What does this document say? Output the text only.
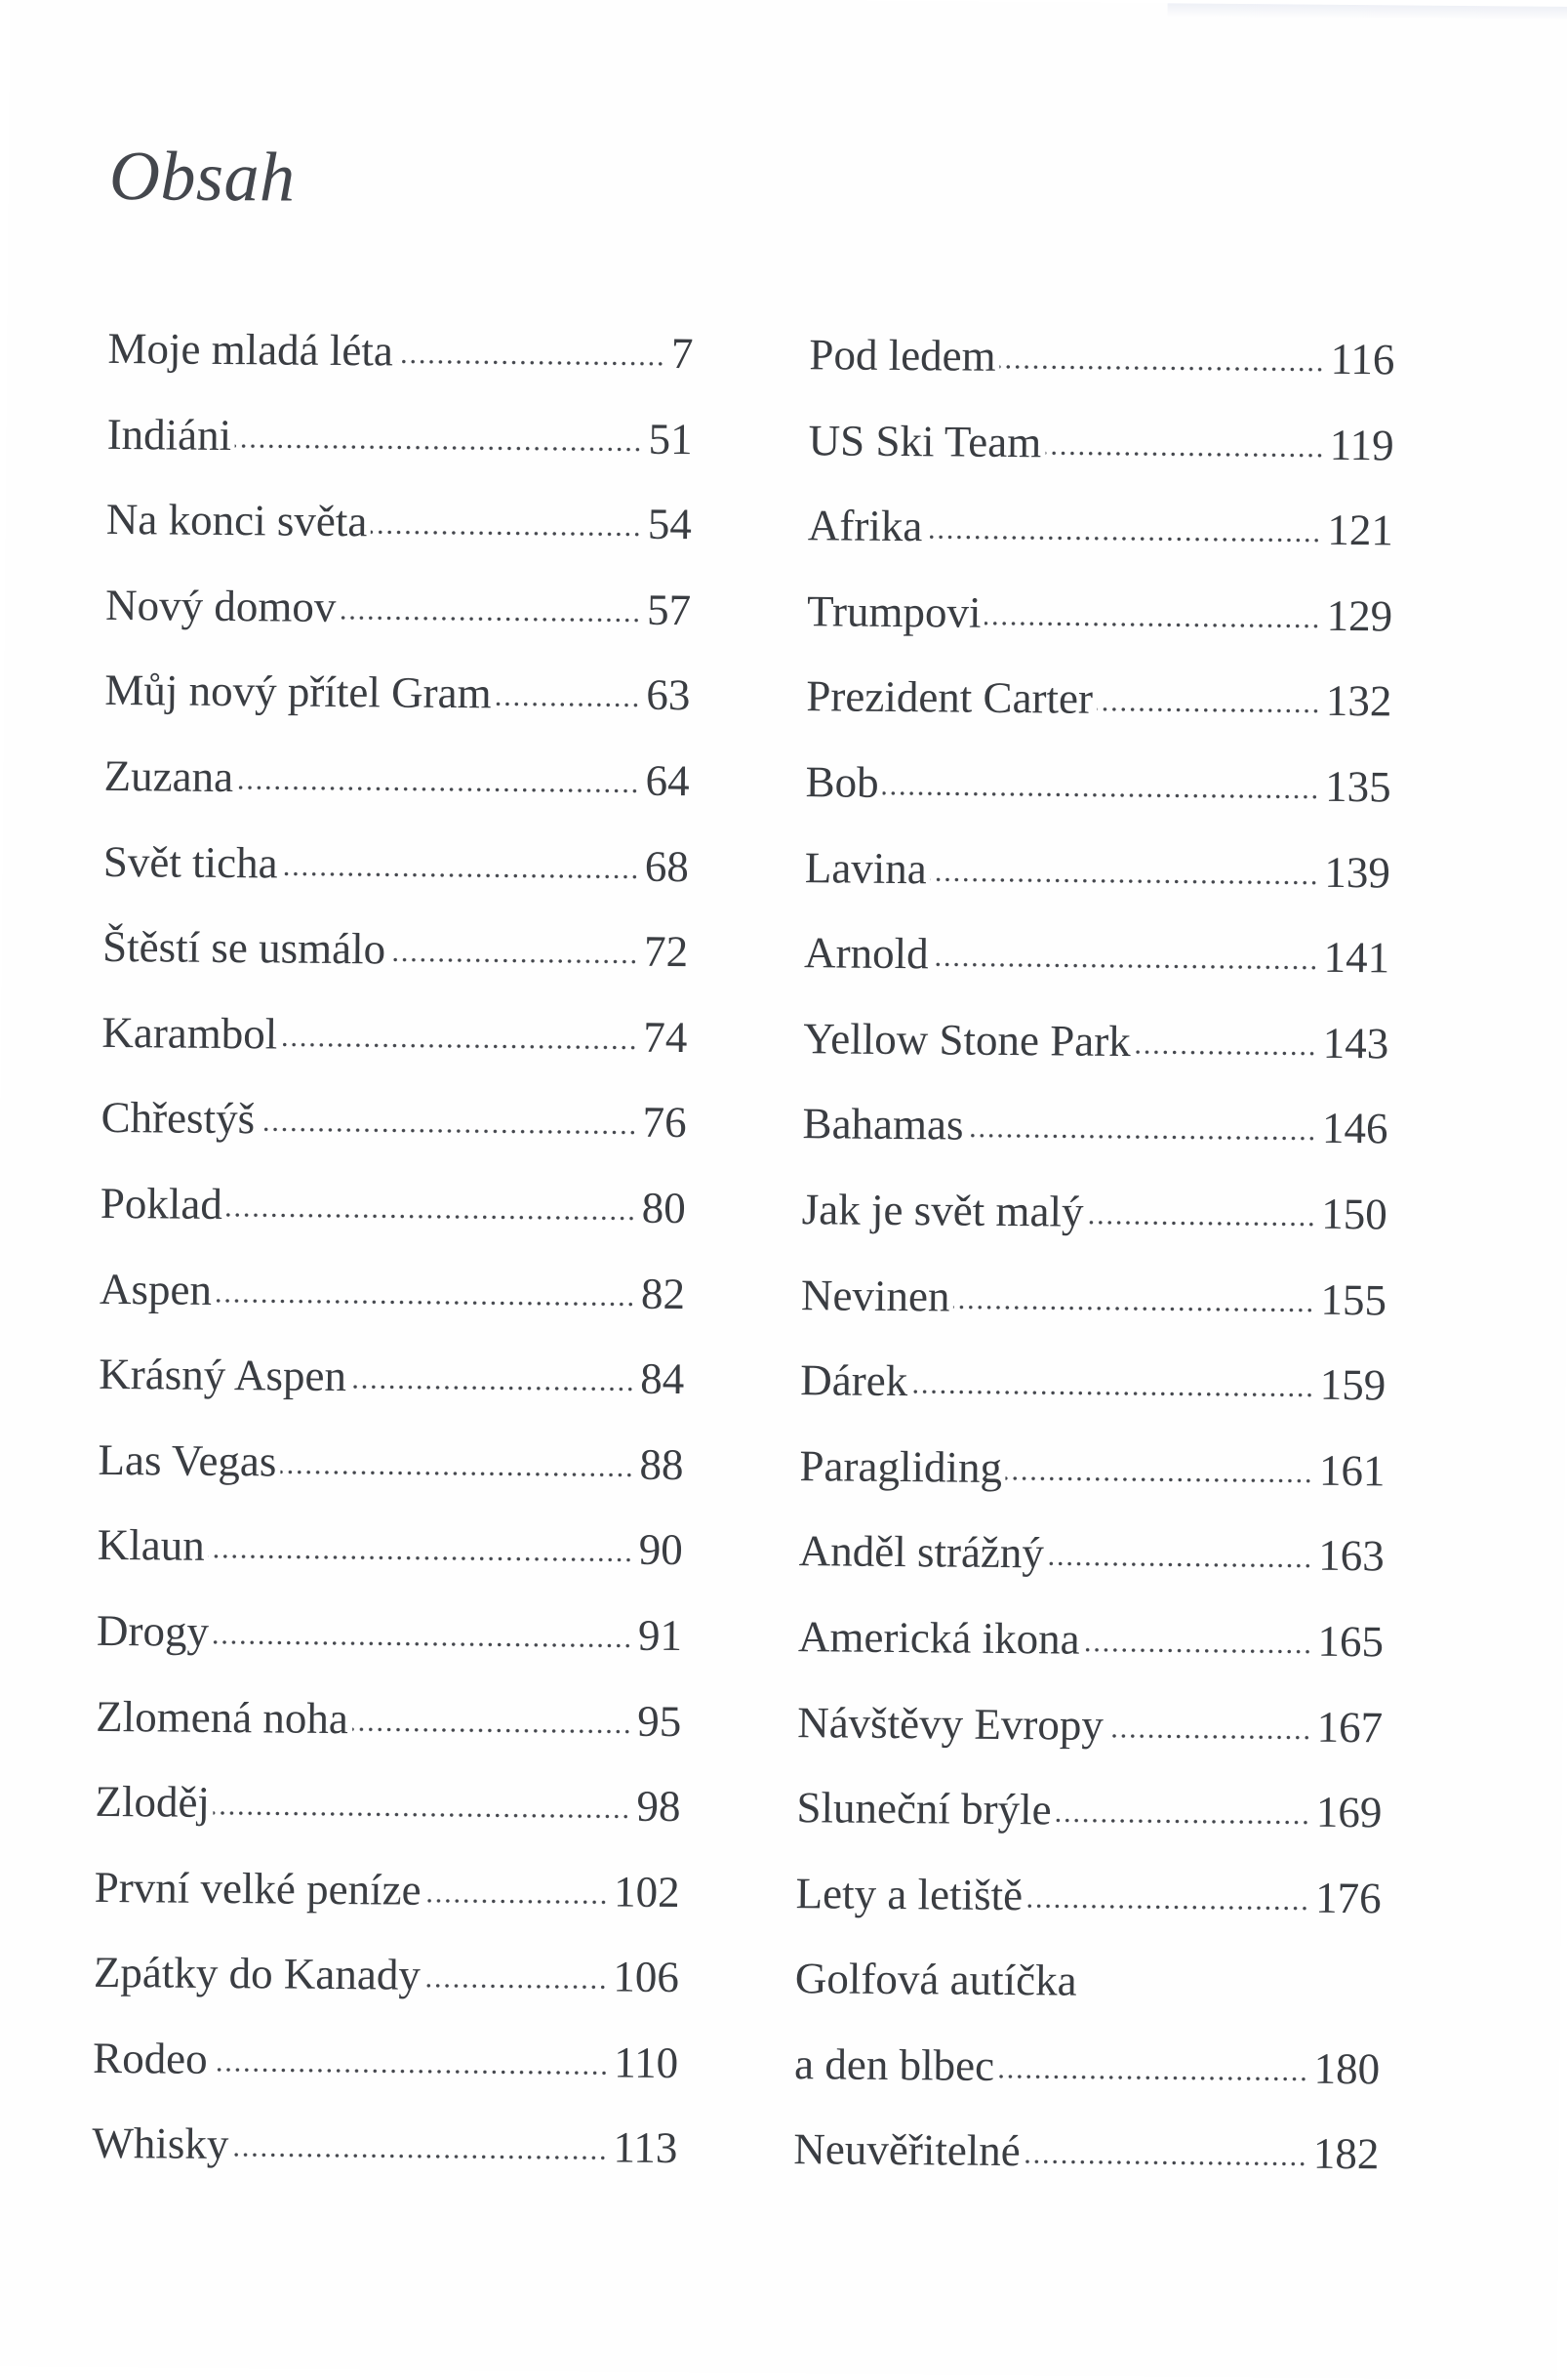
Obsah
Moje mladá léta	7
Indiáni	51
Na konci světa	54
Nový domov	57
Můj nový přítel Gram	63
Zuzana	64
Svět ticha	68
Štěstí se usmálo	72
Karambol	74
Chřestýš	76
Poklad	80
Aspen	82
Krásný Aspen	84
Las Vegas	88
Klaun	90
Drogy	91
Zlomená noha	95
Zloděj	98
První velké peníze	102
Zpátky do Kanady	106
Rodeo	110
Whisky	113
Pod ledem	116
US Ski Team	119
Afrika	121
Trumpovi	129
Prezident Carter	132
Bob	135
Lavina	139
Arnold	141
Yellow Stone Park	143
Bahamas	146
Jak je svět malý	150
Nevinen	155
Dárek	159
Paragliding	161
Anděl strážný	163
Americká ikona	165
Návštěvy Evropy	167
Sluneční brýle	169
Lety a letiště	176
Golfová autíčka
a den blbec	180
Neuvěřitelné	182
